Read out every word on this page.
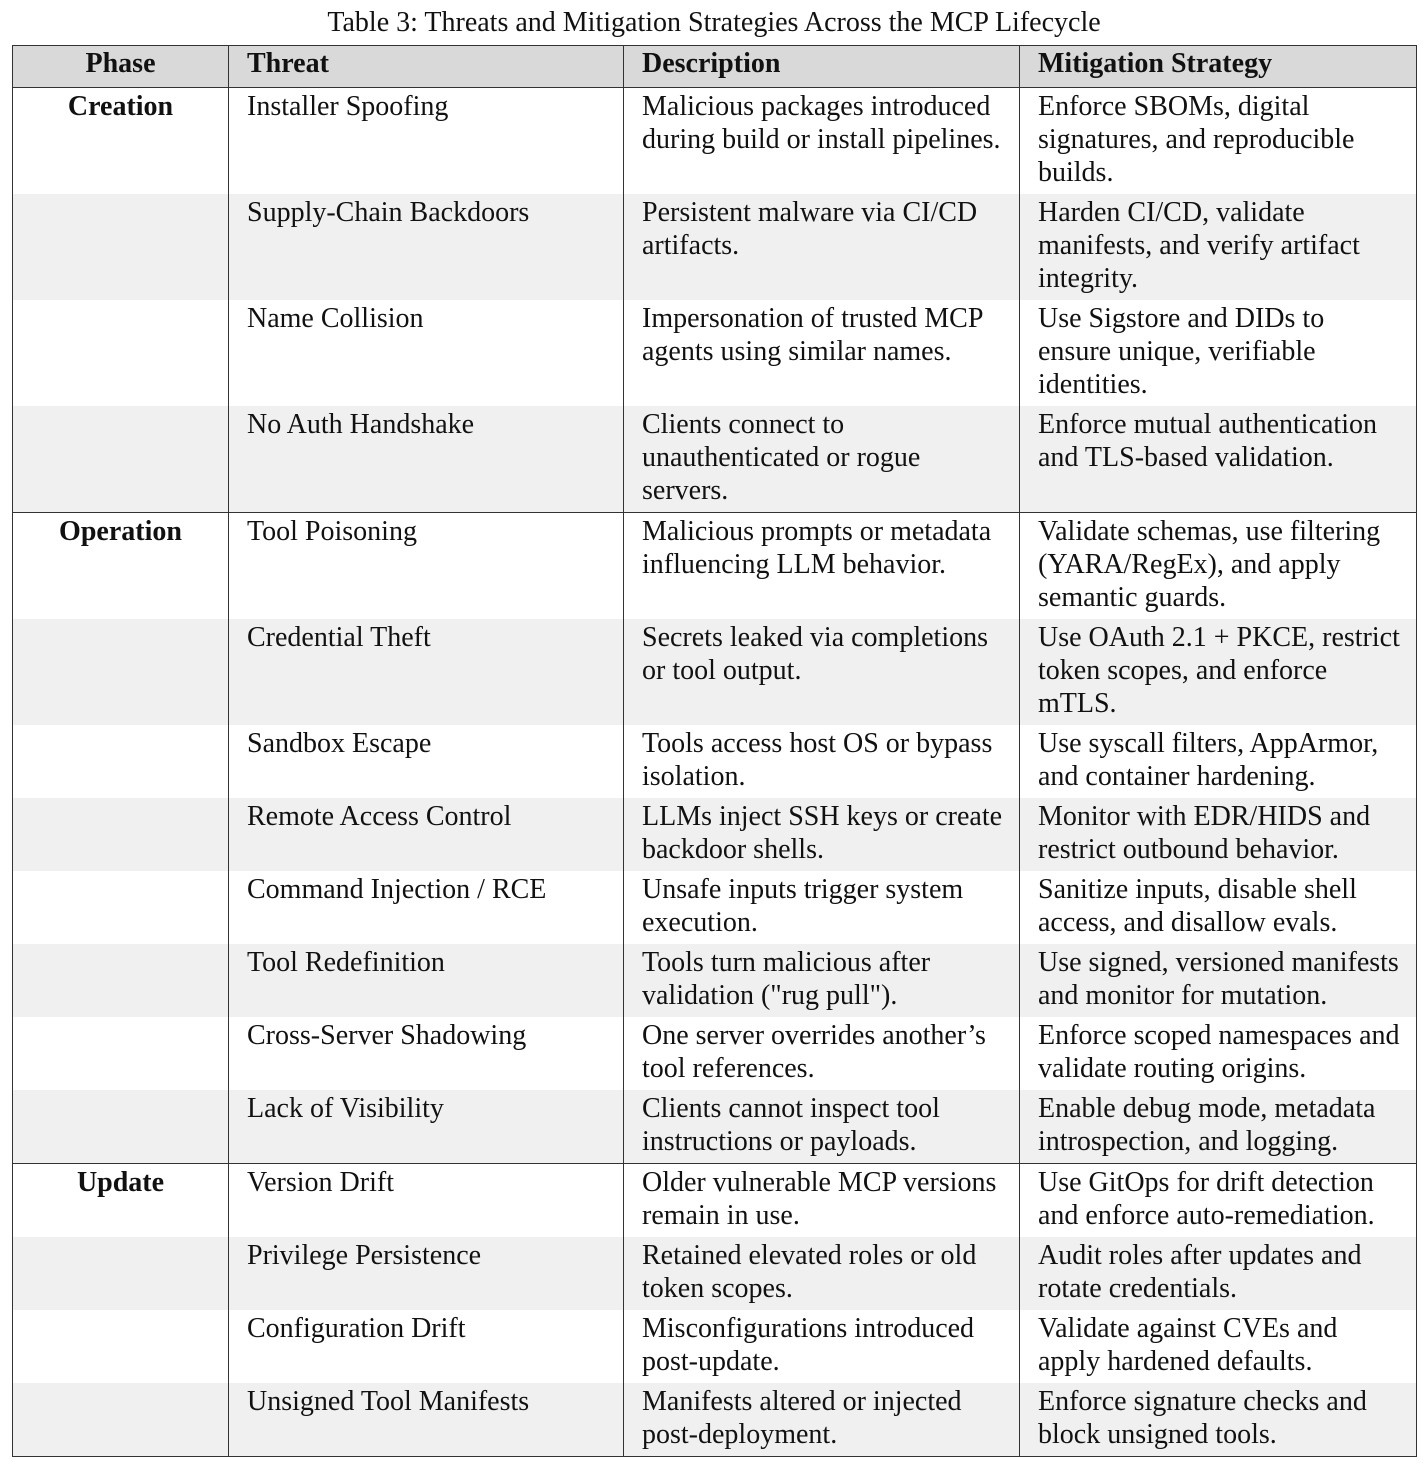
Table 3: Threats and Mitigation Strategies Across the MCP Lifecycle
Phase	Threat	Description	Mitigation Strategy
Creation	Installer Spoofing	Malicious packages introduced during build or install pipelines.	Enforce SBOMs, digital signatures, and reproducible builds.
	Supply-Chain Backdoors	Persistent malware via CI/CD artifacts.	Harden CI/CD, validate manifests, and verify artifact integrity.
	Name Collision	Impersonation of trusted MCP agents using similar names.	Use Sigstore and DIDs to ensure unique, verifiable identities.
	No Auth Handshake	Clients connect to unauthenticated or rogue servers.	Enforce mutual authentication and TLS-based validation.
Operation	Tool Poisoning	Malicious prompts or metadata influencing LLM behavior.	Validate schemas, use filtering (YARA/RegEx), and apply semantic guards.
	Credential Theft	Secrets leaked via completions or tool output.	Use OAuth 2.1 + PKCE, restrict token scopes, and enforce mTLS.
	Sandbox Escape	Tools access host OS or bypass isolation.	Use syscall filters, AppArmor, and container hardening.
	Remote Access Control	LLMs inject SSH keys or create backdoor shells.	Monitor with EDR/HIDS and restrict outbound behavior.
	Command Injection / RCE	Unsafe inputs trigger system execution.	Sanitize inputs, disable shell access, and disallow evals.
	Tool Redefinition	Tools turn malicious after validation ("rug pull").	Use signed, versioned manifests and monitor for mutation.
	Cross-Server Shadowing	One server overrides another’s tool references.	Enforce scoped namespaces and validate routing origins.
	Lack of Visibility	Clients cannot inspect tool instructions or payloads.	Enable debug mode, metadata introspection, and logging.
Update	Version Drift	Older vulnerable MCP versions remain in use.	Use GitOps for drift detection and enforce auto-remediation.
	Privilege Persistence	Retained elevated roles or old token scopes.	Audit roles after updates and rotate credentials.
	Configuration Drift	Misconfigurations introduced post-update.	Validate against CVEs and apply hardened defaults.
	Unsigned Tool Manifests	Manifests altered or injected post-deployment.	Enforce signature checks and block unsigned tools.
